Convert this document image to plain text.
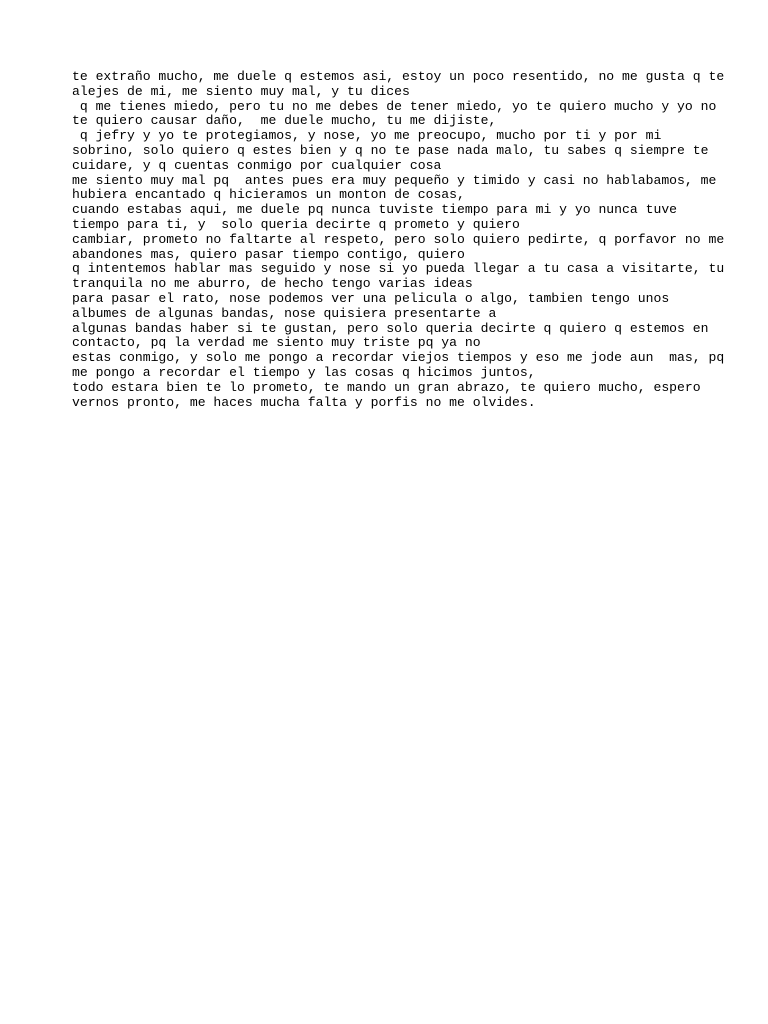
te extraño mucho, me duele q estemos asi, estoy un poco resentido, no me gusta q te
alejes de mi, me siento muy mal, y tu dices
q me tienes miedo, pero tu no me debes de tener miedo, yo te quiero mucho y yo no
te quiero causar daño,  me duele mucho, tu me dijiste,
q jefry y yo te protegiamos, y nose, yo me preocupo, mucho por ti y por mi
sobrino, solo quiero q estes bien y q no te pase nada malo, tu sabes q siempre te
cuidare, y q cuentas conmigo por cualquier cosa
me siento muy mal pq  antes pues era muy pequeño y timido y casi no hablabamos, me
hubiera encantado q hicieramos un monton de cosas,
cuando estabas aqui, me duele pq nunca tuviste tiempo para mi y yo nunca tuve
tiempo para ti, y  solo queria decirte q prometo y quiero
cambiar, prometo no faltarte al respeto, pero solo quiero pedirte, q porfavor no me
abandones mas, quiero pasar tiempo contigo, quiero
q intentemos hablar mas seguido y nose si yo pueda llegar a tu casa a visitarte, tu
tranquila no me aburro, de hecho tengo varias ideas
para pasar el rato, nose podemos ver una pelicula o algo, tambien tengo unos
albumes de algunas bandas, nose quisiera presentarte a
algunas bandas haber si te gustan, pero solo queria decirte q quiero q estemos en
contacto, pq la verdad me siento muy triste pq ya no
estas conmigo, y solo me pongo a recordar viejos tiempos y eso me jode aun  mas, pq
me pongo a recordar el tiempo y las cosas q hicimos juntos,
todo estara bien te lo prometo, te mando un gran abrazo, te quiero mucho, espero
vernos pronto, me haces mucha falta y porfis no me olvides.
